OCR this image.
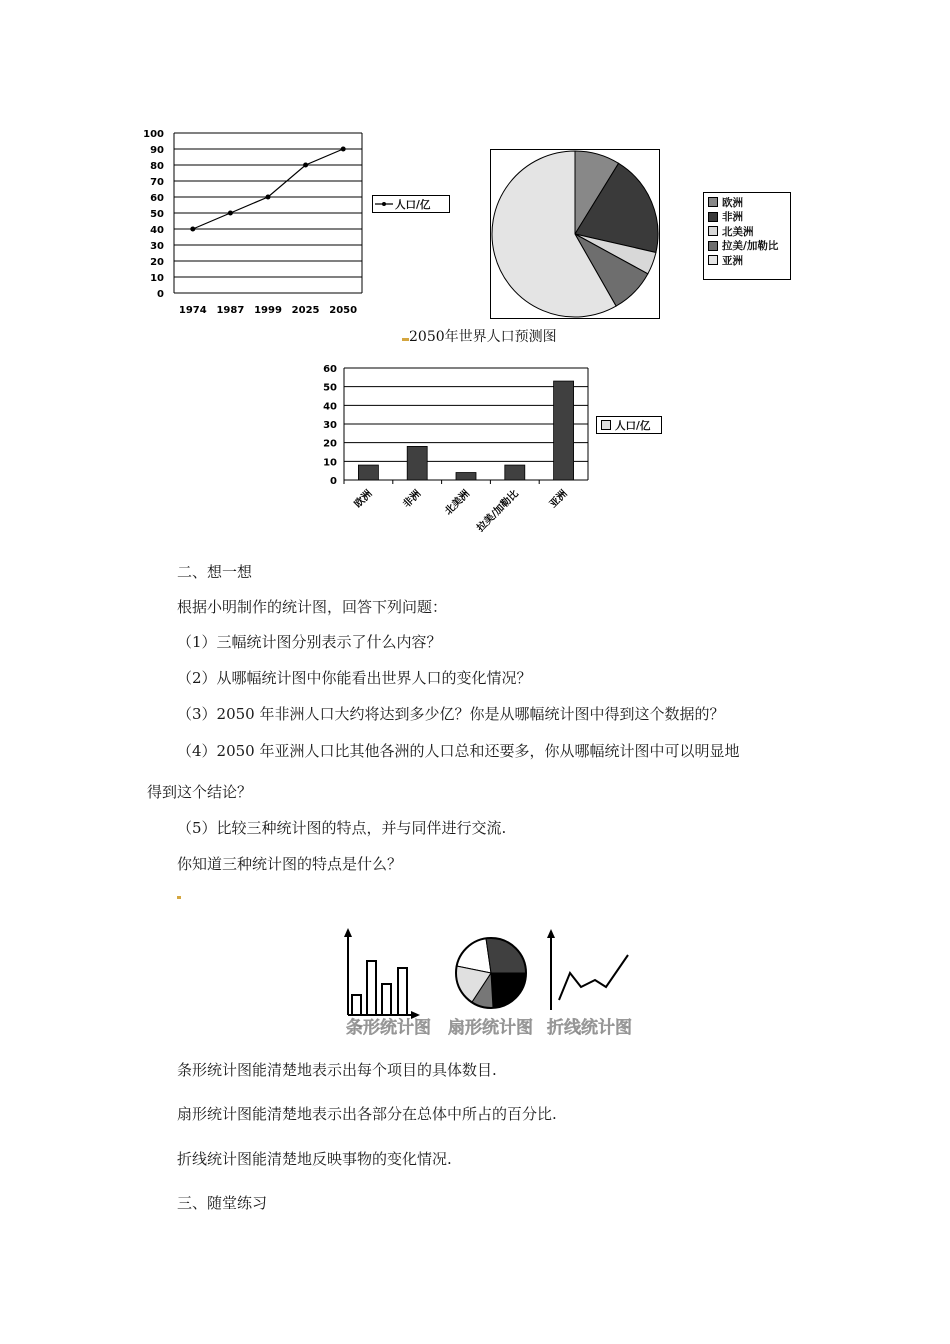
0
10
20
30
40
50
60
70
80
90
100
1974 1987 1999 2025 2050
人口/亿	欧洲
非洲
北美洲
拉美/加勒比
亚洲
2050年世界人口预测图
0
10
20
30
40
50
60
欧洲	非洲 北美洲 拉美/加勒比	亚洲
人口/亿
二、想一想
根据小明制作的统计图，回答下列问题：
（1）三幅统计图分别表示了什么内容？
（2）从哪幅统计图中你能看出世界人口的变化情况？
（3）2050 年非洲人口大约将达到多少亿？你是从哪幅统计图中得到这个数据的？
（4）2050 年亚洲人口比其他各洲的人口总和还要多，你从哪幅统计图中可以明显地
得到这个结论？
（5）比较三种统计图的特点，并与同伴进行交流.
你知道三种统计图的特点是什么？
条形统计图 扇形统计图 折线统计图
条形统计图能清楚地表示出每个项目的具体数目.
扇形统计图能清楚地表示出各部分在总体中所占的百分比.
折线统计图能清楚地反映事物的变化情况.
三、随堂练习
